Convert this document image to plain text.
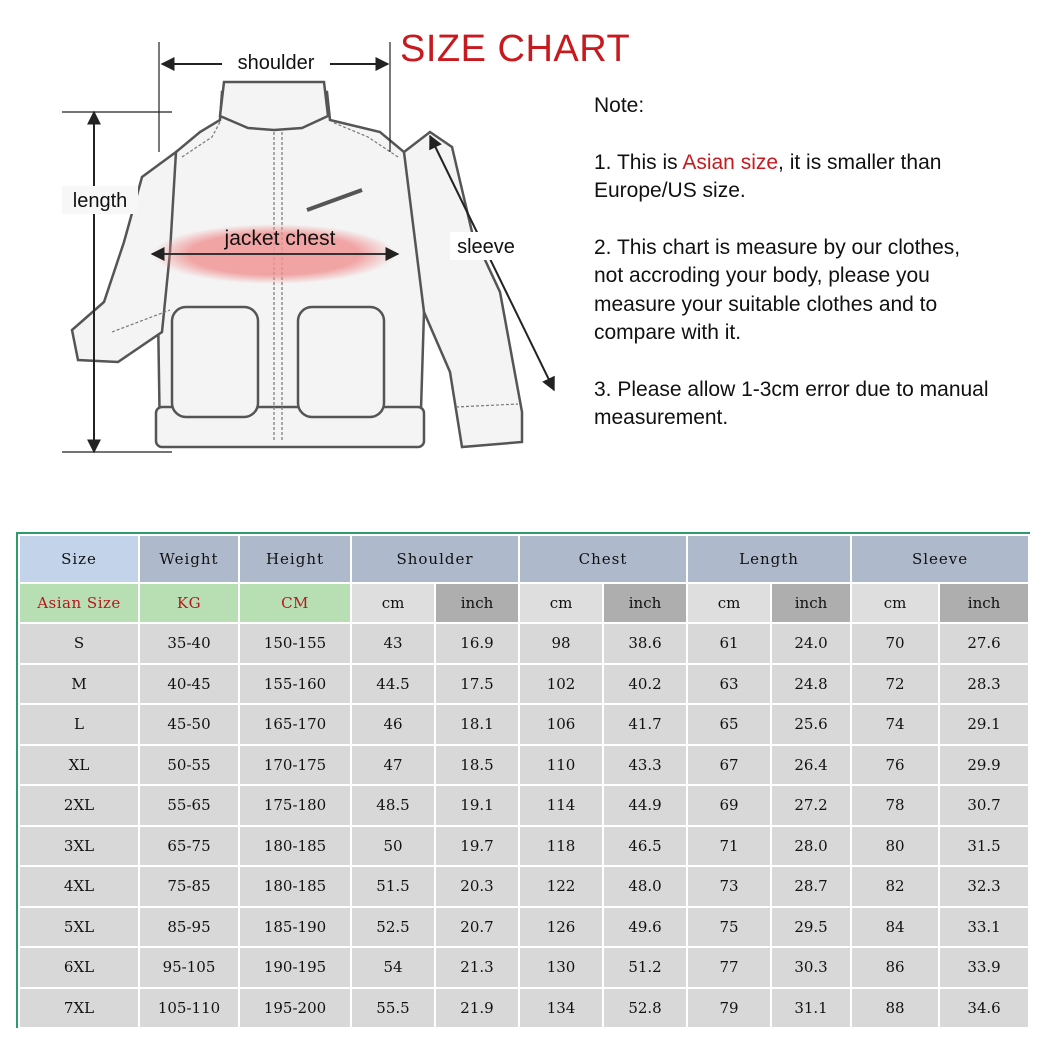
shoulder
length
jacket chest	sleeve
SIZE CHART

Note:

1. This is Asian size, it is smaller than Europe/US size.

2. This chart is measure by our clothes, not accroding your body, please you measure your suitable clothes and to compare with it.

3. Please allow 1-3cm error due to manual measurement.

Size	Weight	Height	Shoulder		Chest		Length		Sleeve	
Asian Size	KG	CM	cm	inch	cm	inch	cm	inch	cm	inch
S	35-40	150-155	43	16.9	98	38.6	61	24.0	70	27.6
M	40-45	155-160	44.5	17.5	102	40.2	63	24.8	72	28.3
L	45-50	165-170	46	18.1	106	41.7	65	25.6	74	29.1
XL	50-55	170-175	47	18.5	110	43.3	67	26.4	76	29.9
2XL	55-65	175-180	48.5	19.1	114	44.9	69	27.2	78	30.7
3XL	65-75	180-185	50	19.7	118	46.5	71	28.0	80	31.5
4XL	75-85	180-185	51.5	20.3	122	48.0	73	28.7	82	32.3
5XL	85-95	185-190	52.5	20.7	126	49.6	75	29.5	84	33.1
6XL	95-105	190-195	54	21.3	130	51.2	77	30.3	86	33.9
7XL	105-110	195-200	55.5	21.9	134	52.8	79	31.1	88	34.6
